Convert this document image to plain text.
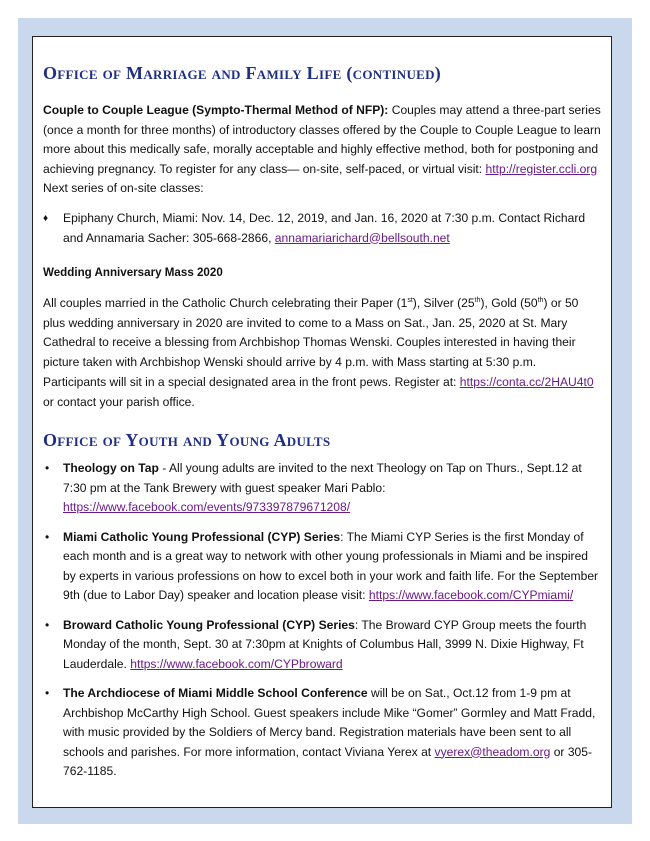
Office of Marriage and Family Life (continued)

Couple to Couple League (Sympto-Thermal Method of NFP): Couples may attend a three-part series (once a month for three months) of introductory classes offered by the Couple to Couple League to learn more about this medically safe, morally acceptable and highly effective method, both for postponing and achieving pregnancy. To register for any class— on-site, self-paced, or virtual visit: http://register.ccli.org Next series of on-site classes:

♦ Epiphany Church, Miami: Nov. 14, Dec. 12, 2019, and Jan. 16, 2020 at 7:30 p.m. Contact Richard and Annamaria Sacher: 305-668-2866, annamariarichard@bellsouth.net

Wedding Anniversary Mass 2020

All couples married in the Catholic Church celebrating their Paper (1st), Silver (25th), Gold (50th) or 50 plus wedding anniversary in 2020 are invited to come to a Mass on Sat., Jan. 25, 2020 at St. Mary Cathedral to receive a blessing from Archbishop Thomas Wenski. Couples interested in having their picture taken with Archbishop Wenski should arrive by 4 p.m. with Mass starting at 5:30 p.m.

Participants will sit in a special designated area in the front pews. Register at: https://conta.cc/2HAU4t0 or contact your parish office.

Office of Youth and Young Adults
• Theology on Tap - All young adults are invited to the next Theology on Tap on Thurs., Sept.12 at 7:30 pm at the Tank Brewery with guest speaker Mari Pablo: https://www.facebook.com/events/973397879671208/
• Miami Catholic Young Professional (CYP) Series: The Miami CYP Series is the first Monday of each month and is a great way to network with other young professionals in Miami and be inspired by experts in various professions on how to excel both in your work and faith life. For the September 9th (due to Labor Day) speaker and location please visit: https://www.facebook.com/CYPmiami/
• Broward Catholic Young Professional (CYP) Series: The Broward CYP Group meets the fourth Monday of the month, Sept. 30 at 7:30pm at Knights of Columbus Hall, 3999 N. Dixie Highway, Ft Lauderdale. https://www.facebook.com/CYPbroward
• The Archdiocese of Miami Middle School Conference will be on Sat., Oct.12 from 1-9 pm at Archbishop McCarthy High School. Guest speakers include Mike “Gomer” Gormley and Matt Fradd, with music provided by the Soldiers of Mercy band. Registration materials have been sent to all schools and parishes. For more information, contact Viviana Yerex at vyerex@theadom.org or 305-762-1185.
